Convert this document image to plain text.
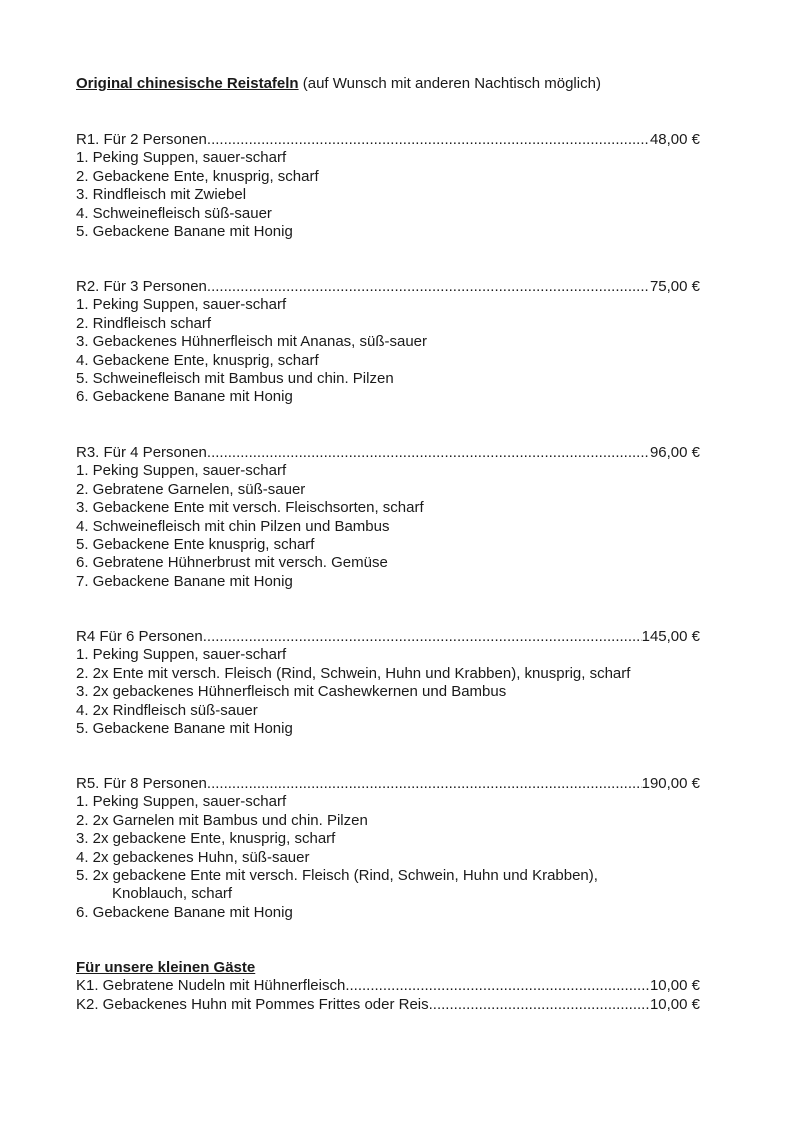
Original chinesische Reistafeln (auf Wunsch mit anderen Nachtisch möglich)
R1. Für 2 Personen .....	48,00 €
1. Peking Suppen, sauer-scharf
2. Gebackene Ente, knusprig, scharf
3. Rindfleisch mit Zwiebel
4. Schweinefleisch süß-sauer
5. Gebackene Banane mit Honig
R2. Für 3 Personen .....	75,00 €
1. Peking Suppen, sauer-scharf
2. Rindfleisch scharf
3. Gebackenes Hühnerfleisch mit Ananas, süß-sauer
4. Gebackene Ente, knusprig, scharf
5. Schweinefleisch mit Bambus und chin. Pilzen
6. Gebackene Banane mit Honig
R3. Für 4 Personen .....	96,00 €
1. Peking Suppen, sauer-scharf
2. Gebratene Garnelen, süß-sauer
3. Gebackene Ente mit versch. Fleischsorten, scharf
4. Schweinefleisch mit chin Pilzen und Bambus
5. Gebackene Ente knusprig, scharf
6. Gebratene Hühnerbrust mit versch. Gemüse
7. Gebackene Banane mit Honig
R4 Für 6 Personen .....	145,00 €
1. Peking Suppen, sauer-scharf
2. 2x Ente mit versch. Fleisch (Rind, Schwein, Huhn und Krabben), knusprig, scharf
3. 2x gebackenes Hühnerfleisch mit Cashewkernen und Bambus
4. 2x Rindfleisch süß-sauer
5. Gebackene Banane mit Honig
R5. Für 8 Personen .....	190,00 €
1. Peking Suppen, sauer-scharf
2. 2x Garnelen mit Bambus und chin. Pilzen
3. 2x gebackene Ente, knusprig, scharf
4. 2x gebackenes Huhn, süß-sauer
5. 2x gebackene Ente mit versch. Fleisch (Rind, Schwein, Huhn und Krabben),
Knoblauch, scharf
6. Gebackene Banane mit Honig
Für unsere kleinen Gäste
K1. Gebratene Nudeln mit Hühnerfleisch .....	10,00 €
K2. Gebackenes Huhn mit Pommes Frittes oder Reis .....	10,00 €
